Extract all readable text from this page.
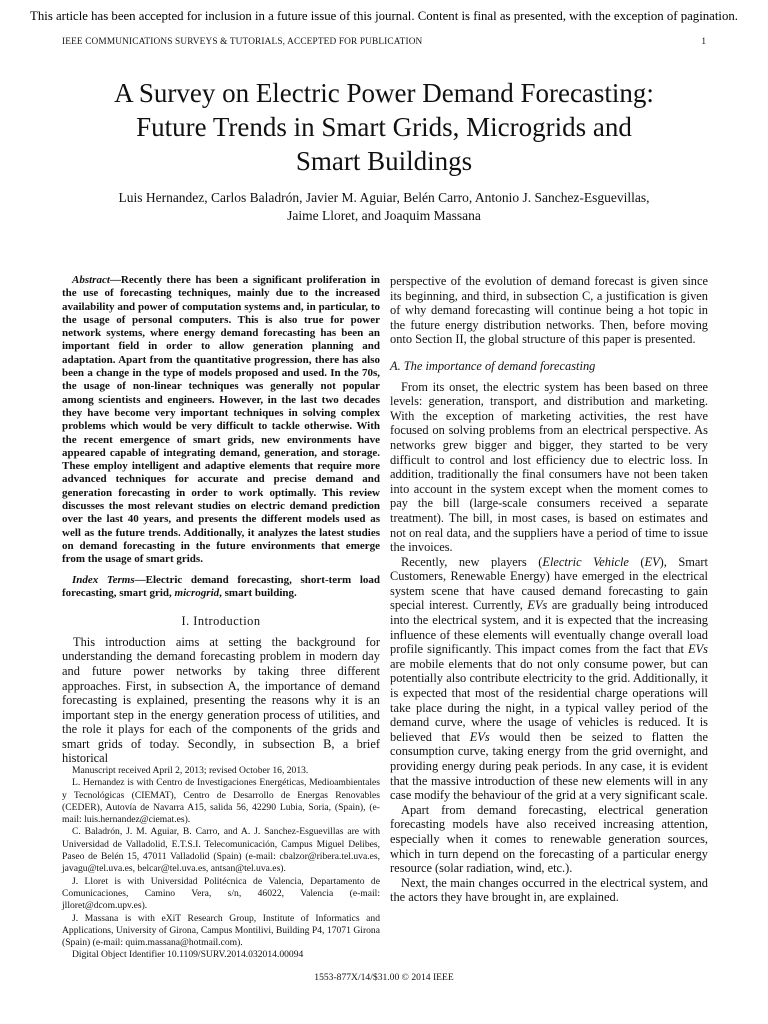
This article has been accepted for inclusion in a future issue of this journal. Content is final as presented, with the exception of pagination.
IEEE COMMUNICATIONS SURVEYS & TUTORIALS, ACCEPTED FOR PUBLICATION	1
A Survey on Electric Power Demand Forecasting:
Future Trends in Smart Grids, Microgrids and
Smart Buildings
Luis Hernandez, Carlos Baladrón, Javier M. Aguiar, Belén Carro, Antonio J. Sanchez-Esguevillas,
Jaime Lloret, and Joaquim Massana

Abstract—Recently there has been a significant proliferation in the use of forecasting techniques, mainly due to the increased availability and power of computation systems and, in particular, to the usage of personal computers. This is also true for power network systems, where energy demand forecasting has been an important field in order to allow generation planning and adaptation. Apart from the quantitative progression, there has also been a change in the type of models proposed and used. In the 70s, the usage of non-linear techniques was generally not popular among scientists and engineers. However, in the last two decades they have become very important techniques in solving complex problems which would be very difficult to tackle otherwise. With the recent emergence of smart grids, new environments have appeared capable of integrating demand, generation, and storage. These employ intelligent and adaptive elements that require more advanced techniques for accurate and precise demand and generation forecasting in order to work optimally. This review discusses the most relevant studies on electric demand prediction over the last 40 years, and presents the different models used as well as the future trends. Additionally, it analyzes the latest studies on demand forecasting in the future environments that emerge from the usage of smart grids.

Index Terms—Electric demand forecasting, short-term load forecasting, smart grid, microgrid, smart building.

I. Introduction

This introduction aims at setting the background for understanding the demand forecasting problem in modern day and future power networks by taking three different approaches. First, in subsection A, the importance of demand forecasting is explained, presenting the reasons why it is an important step in the energy generation process of utilities, and the role it plays for each of the components of the grids and smart grids of today. Secondly, in subsection B, a brief historical

Manuscript received April 2, 2013; revised October 16, 2013.

L. Hernandez is with Centro de Investigaciones Energéticas, Medioambientales y Tecnológicas (CIEMAT), Centro de Desarrollo de Energas Renovables (CEDER), Autovía de Navarra A15, salida 56, 42290 Lubia, Soria, (Spain), (e-mail: luis.hernandez@ciemat.es).

C. Baladrón, J. M. Aguiar, B. Carro, and A. J. Sanchez-Esguevillas are with Universidad de Valladolid, E.T.S.I. Telecomunicación, Campus Miguel Delibes, Paseo de Belén 15, 47011 Valladolid (Spain) (e-mail: cbalzor@ribera.tel.uva.es, javagu@tel.uva.es, belcar@tel.uva.es, antsan@tel.uva.es).

J. Lloret is with Universidad Politécnica de Valencia, Departamento de Comunicaciones, Camino Vera, s/n, 46022, Valencia (e-mail: jlloret@dcom.upv.es).

J. Massana is with eXiT Research Group, Institute of Informatics and Applications, University of Girona, Campus Montilivi, Building P4, 17071 Girona (Spain) (e-mail: quim.massana@hotmail.com).

Digital Object Identifier 10.1109/SURV.2014.032014.00094

perspective of the evolution of demand forecast is given since its beginning, and third, in subsection C, a justification is given of why demand forecasting will continue being a hot topic in the future energy distribution networks. Then, before moving onto Section II, the global structure of this paper is presented.

A. The importance of demand forecasting

From its onset, the electric system has been based on three levels: generation, transport, and distribution and marketing. With the exception of marketing activities, the rest have focused on solving problems from an electrical perspective. As networks grew bigger and bigger, they started to be very difficult to control and lost efficiency due to electric loss. In addition, traditionally the final consumers have not been taken into account in the system except when the moment comes to pay the bill (large-scale consumers received a separate treatment). The bill, in most cases, is based on estimates and not on real data, and the suppliers have a period of time to issue the invoices.

Recently, new players (Electric Vehicle (EV), Smart Customers, Renewable Energy) have emerged in the electrical system scene that have caused demand forecasting to gain special interest. Currently, EVs are gradually being introduced into the electrical system, and it is expected that the increasing influence of these elements will eventually change overall load profile significantly. This impact comes from the fact that EVs are mobile elements that do not only consume power, but can potentially also contribute electricity to the grid. Additionally, it is expected that most of the residential charge operations will take place during the night, in a typical valley period of the demand curve, where the usage of vehicles is reduced. It is believed that EVs would then be seized to flatten the consumption curve, taking energy from the grid overnight, and providing energy during peak periods. In any case, it is evident that the massive introduction of these new elements will in any case modify the behaviour of the grid at a very significant scale.

Apart from demand forecasting, electrical generation forecasting models have also received increasing attention, especially when it comes to renewable generation sources, which in turn depend on the forecasting of a particular energy resource (solar radiation, wind, etc.).

Next, the main changes occurred in the electrical system, and the actors they have brought in, are explained.

1553-877X/14/$31.00 © 2014 IEEE
